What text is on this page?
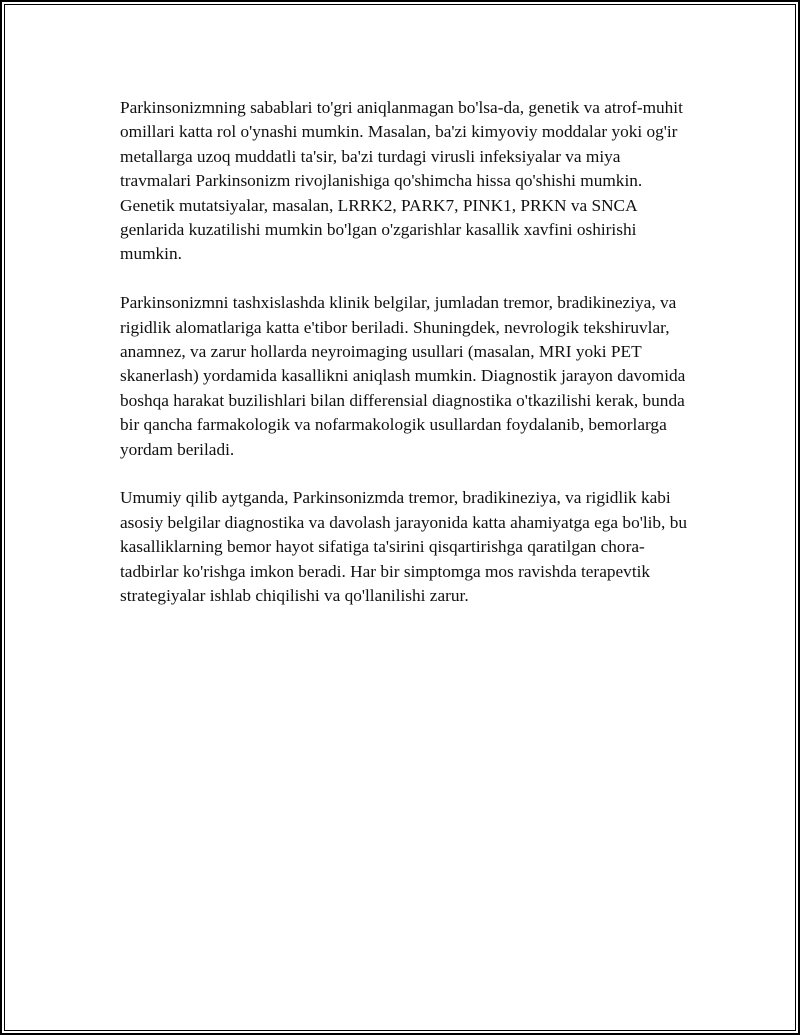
Parkinsonizmning sabablari to'gri aniqlanmagan bo'lsa-da, genetik va atrof-muhit omillari katta rol o'ynashi mumkin. Masalan, ba'zi kimyoviy moddalar yoki og'ir metallarga uzoq muddatli ta'sir, ba'zi turdagi virusli infeksiyalar va miya travmalari Parkinsonizm rivojlanishiga qo'shimcha hissa qo'shishi mumkin. Genetik mutatsiyalar, masalan, LRRK2, PARK7, PINK1, PRKN va SNCA genlarida kuzatilishi mumkin bo'lgan o'zgarishlar kasallik xavfini oshirishi mumkin.

Parkinsonizmni tashxislashda klinik belgilar, jumladan tremor, bradikineziya, va rigidlik alomatlariga katta e'tibor beriladi. Shuningdek, nevrologik tekshiruvlar, anamnez, va zarur hollarda neyroimaging usullari (masalan, MRI yoki PET skanerlash) yordamida kasallikni aniqlash mumkin. Diagnostik jarayon davomida boshqa harakat buzilishlari bilan differensial diagnostika o'tkazilishi kerak, bunda bir qancha farmakologik va nofarmakologik usullardan foydalanib, bemorlarga yordam beriladi.

Umumiy qilib aytganda, Parkinsonizmda tremor, bradikineziya, va rigidlik kabi asosiy belgilar diagnostika va davolash jarayonida katta ahamiyatga ega bo'lib, bu kasalliklarning bemor hayot sifatiga ta'sirini qisqartirishga qaratilgan chora-tadbirlar ko'rishga imkon beradi. Har bir simptomga mos ravishda terapevtik strategiyalar ishlab chiqilishi va qo'llanilishi zarur.
